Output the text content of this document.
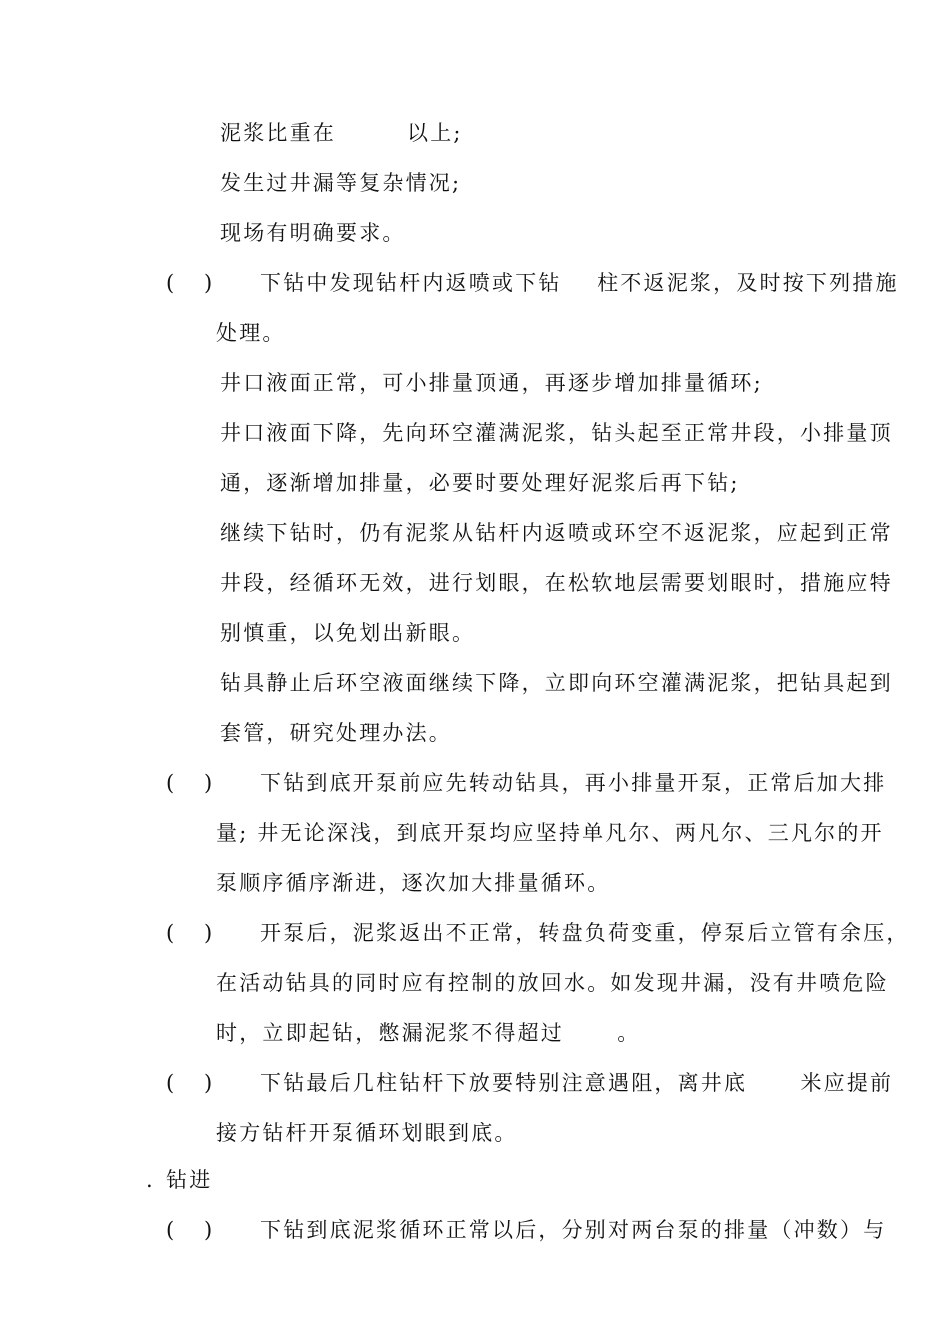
泥浆比重在        以上;
发生过井漏等复杂情况;
现场有明确要求。
( ) 下钻中发现钻杆内返喷或下钻    柱不返泥浆，及时按下列措施
处理。
井口液面正常，可小排量顶通，再逐步增加排量循环;
井口液面下降，先向环空灌满泥浆，钻头起至正常井段，小排量顶
通，逐渐增加排量，必要时要处理好泥浆后再下钻;
继续下钻时，仍有泥浆从钻杆内返喷或环空不返泥浆，应起到正常
井段，经循环无效，进行划眼，在松软地层需要划眼时，措施应特
别慎重，以免划出新眼。
钻具静止后环空液面继续下降，立即向环空灌满泥浆，把钻具起到
套管，研究处理办法。
( ) 下钻到底开泵前应先转动钻具，再小排量开泵，正常后加大排
量; 井无论深浅，到底开泵均应坚持单凡尔、两凡尔、三凡尔的开
泵顺序循序渐进，逐次加大排量循环。
( ) 开泵后，泥浆返出不正常，转盘负荷变重，停泵后立管有余压，
在活动钻具的同时应有控制的放回水。如发现井漏，没有井喷危险
时，立即起钻，憋漏泥浆不得超过      。
( ) 下钻最后几柱钻杆下放要特别注意遇阻，离井底      米应提前
接方钻杆开泵循环划眼到底。
. 钻进
( ) 下钻到底泥浆循环正常以后，分别对两台泵的排量（冲数）与
